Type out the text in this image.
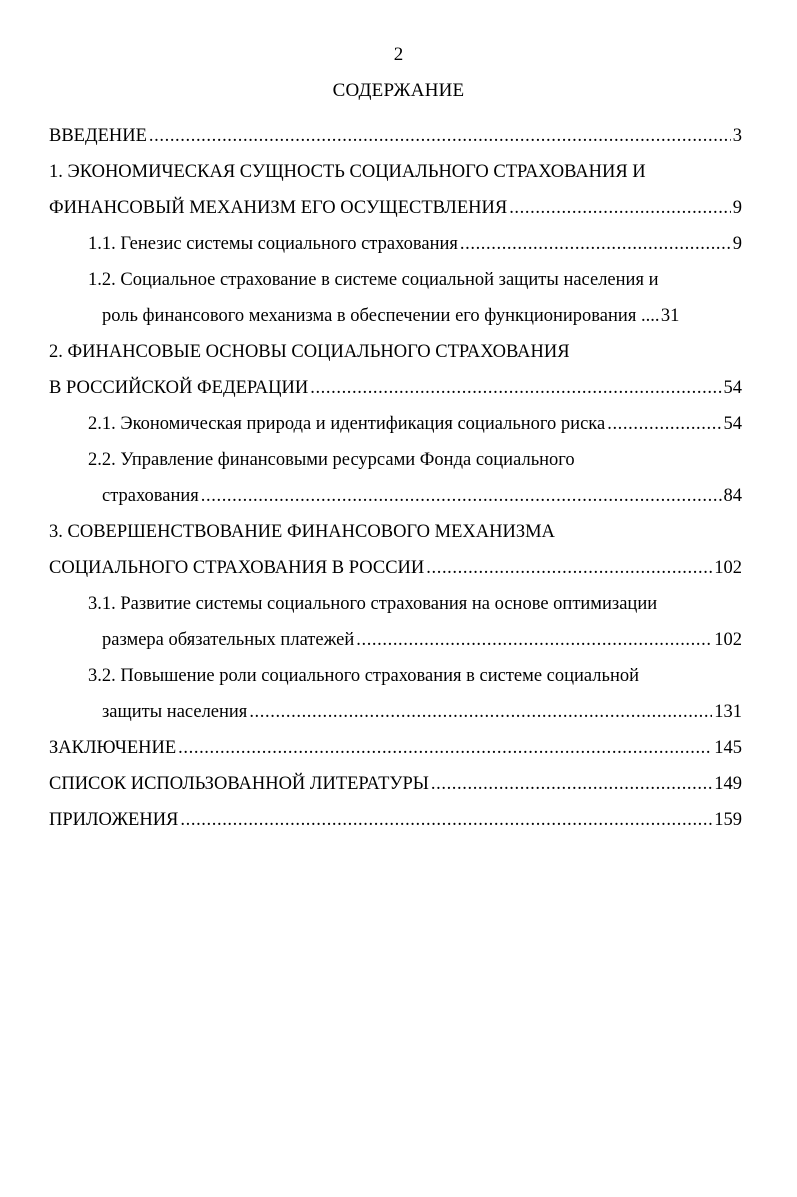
2
СОДЕРЖАНИЕ
ВВЕДЕНИЕ .....	3
1. ЭКОНОМИЧЕСКАЯ СУЩНОСТЬ СОЦИАЛЬНОГО СТРАХОВАНИЯ И
ФИНАНСОВЫЙ МЕХАНИЗМ ЕГО ОСУЩЕСТВЛЕНИЯ .....	9
1.1. Генезис системы социального страхования .....	9
1.2. Социальное страхование в системе социальной защиты населения и
роль финансового механизма в обеспечении его функционирования ... ..... 31
2. ФИНАНСОВЫЕ ОСНОВЫ СОЦИАЛЬНОГО СТРАХОВАНИЯ
В РОССИЙСКОЙ ФЕДЕРАЦИИ .....	54
2.1. Экономическая природа и идентификация социального риска .....	54
2.2. Управление финансовыми ресурсами Фонда социального
страхования .....	84
3. СОВЕРШЕНСТВОВАНИЕ ФИНАНСОВОГО МЕХАНИЗМА
СОЦИАЛЬНОГО СТРАХОВАНИЯ В РОССИИ .....	102
3.1. Развитие системы социального страхования на основе оптимизации
размера обязательных платежей .....	102
3.2. Повышение роли социального страхования в системе социальной
защиты населения .....	131
ЗАКЛЮЧЕНИЕ .....	145
СПИСОК ИСПОЛЬЗОВАННОЙ ЛИТЕРАТУРЫ .....	149
ПРИЛОЖЕНИЯ .....	159
